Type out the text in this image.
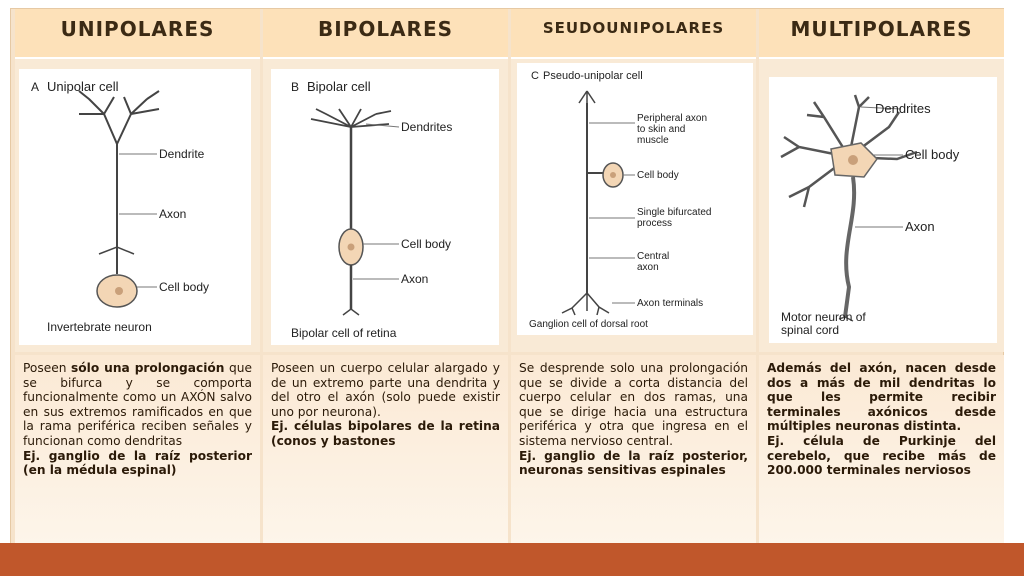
UNIPOLARES
A Unipolar cell
Dendrite
Axon
Cell body
Invertebrate neuron
Poseen sólo una prolongación que se bifurca y se comporta funcionalmente como un AXÓN salvo en sus extremos ramificados en que la rama periférica reciben señales y funcionan como dendritas
Ej. ganglio de la raíz posterior (en la médula espinal)
BIPOLARES
B Bipolar cell
Dendrites
Cell body
Axon
Bipolar cell of retina
Poseen un cuerpo celular alargado y de un extremo parte una dendrita y del otro el axón (solo puede existir uno por neurona).
Ej. células bipolares de la retina (conos y bastones
SEUDOUNIPOLARES
C Pseudo-unipolar cell
Peripheral axon
to skin and
muscle
Cell body
Single bifurcated
process
Central
axon
Axon terminals
Ganglion cell of dorsal root
Se desprende solo una prolongación que se divide a corta distancia del cuerpo celular en dos ramas, una que se dirige hacia una estructura periférica y otra que ingresa en el sistema nervioso central.
Ej. ganglio de la raíz posterior, neuronas sensitivas espinales
MULTIPOLARES
Dendrites
Cell body
Axon
Motor neuron of
spinal cord
Además del axón, nacen desde dos a más de mil dendritas lo que les permite recibir terminales axónicos desde múltiples neuronas distinta.
Ej. célula de Purkinje del cerebelo, que recibe más de 200.000 terminales nerviosos
